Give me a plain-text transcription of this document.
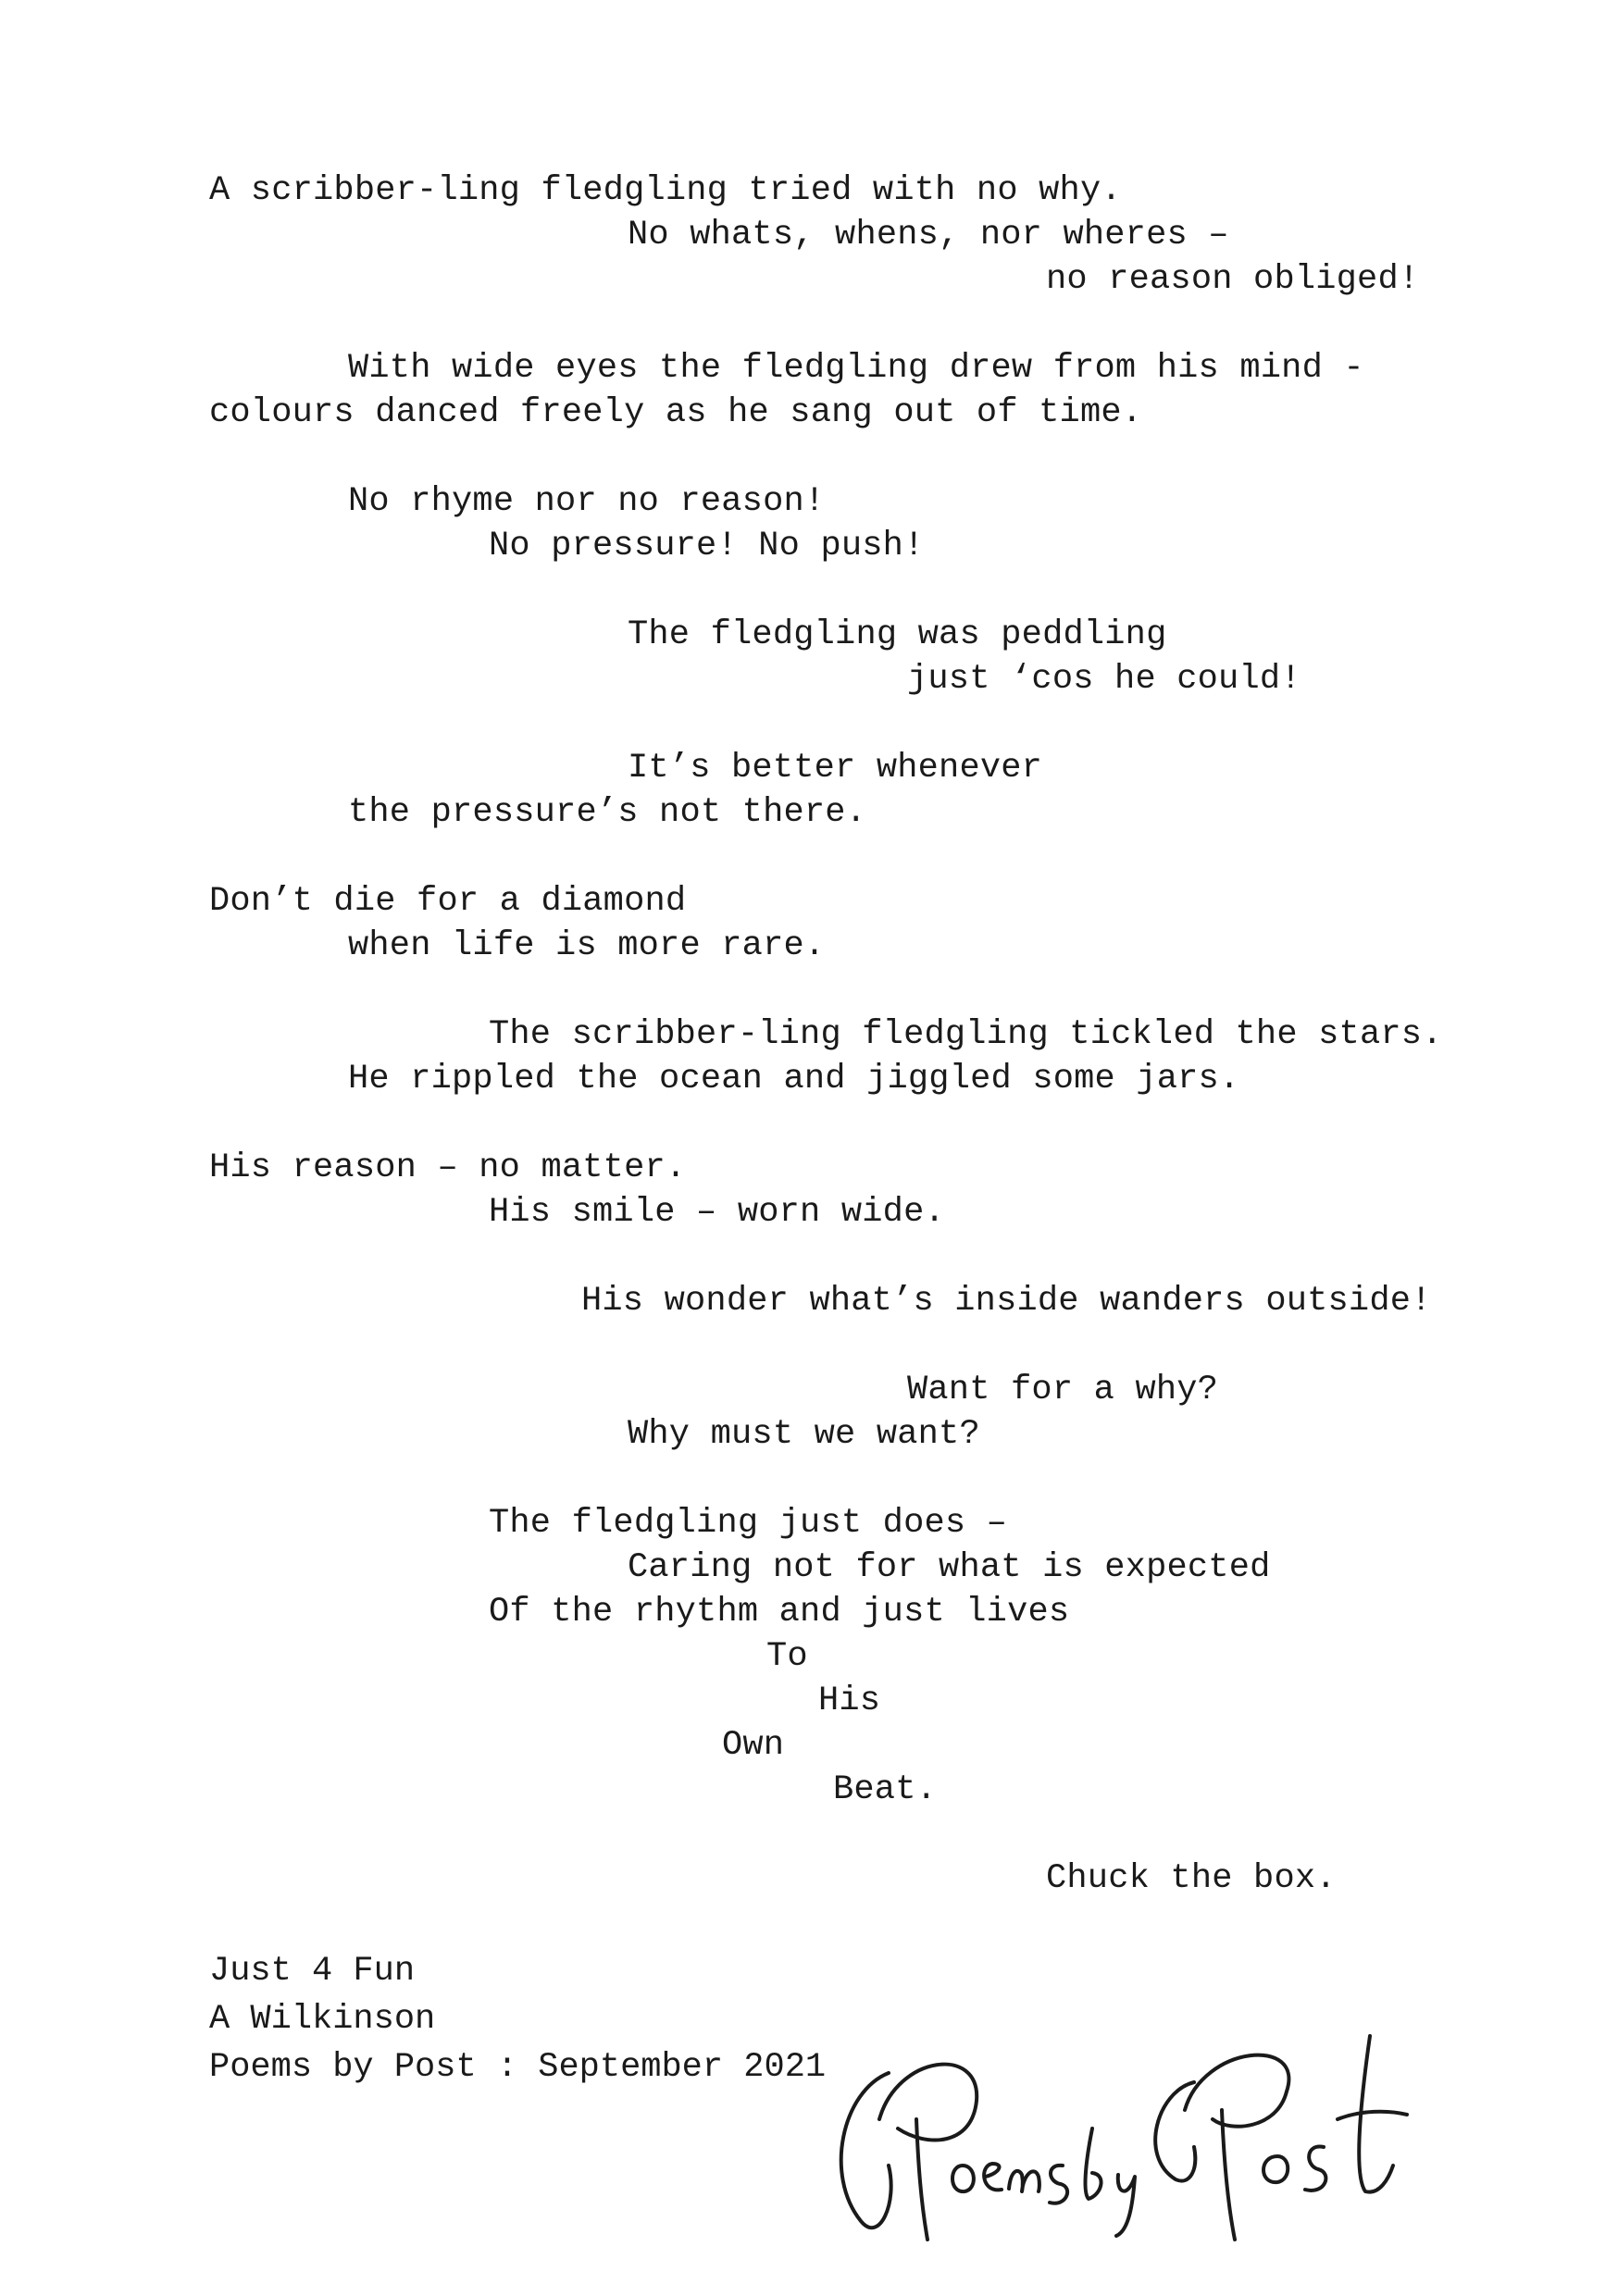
A scribber-ling fledgling tried with no why.
No whats, whens, nor wheres –
no reason obliged!
With wide eyes the fledgling drew from his mind -
colours danced freely as he sang out of time.
No rhyme nor no reason!
No pressure! No push!
The fledgling was peddling
just ‘cos he could!
It’s better whenever
the pressure’s not there.
Don’t die for a diamond
when life is more rare.
The scribber-ling fledgling tickled the stars.
He rippled the ocean and jiggled some jars.
His reason – no matter.
His smile – worn wide.
His wonder what’s inside wanders outside!
Want for a why?
Why must we want?
The fledgling just does –
Caring not for what is expected
Of the rhythm and just lives
To
His
Own
Beat.
Chuck the box.
Just 4 Fun
A Wilkinson
Poems by Post : September 2021
